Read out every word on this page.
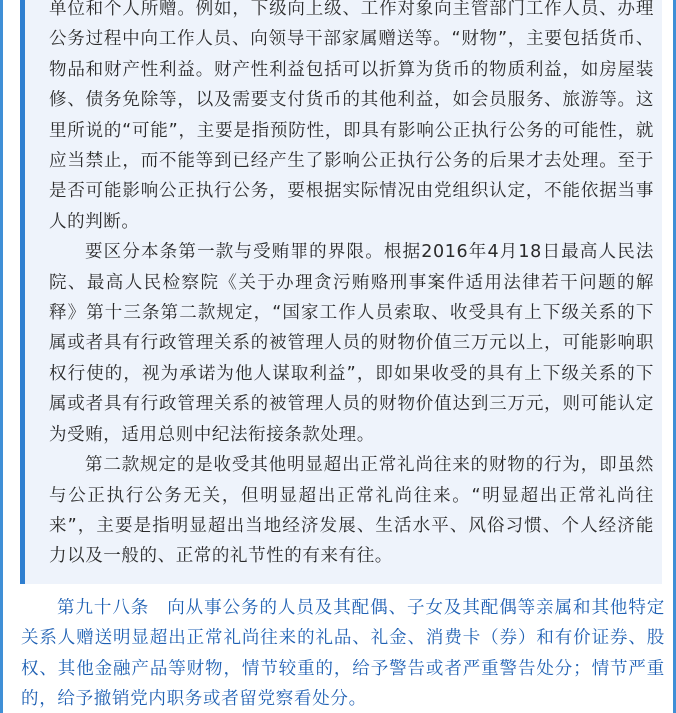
单位和个人所赠。例如，下级向上级、工作对象向主管部门工作人员、办理公务过程中向工作人员、向领导干部家属赠送等。“财物”，主要包括货币、物品和财产性利益。财产性利益包括可以折算为货币的物质利益，如房屋装修、债务免除等，以及需要支付货币的其他利益，如会员服务、旅游等。这里所说的“可能”，主要是指预防性，即具有影响公正执行公务的可能性，就应当禁止，而不能等到已经产生了影响公正执行公务的后果才去处理。至于是否可能影响公正执行公务，要根据实际情况由党组织认定，不能依据当事人的判断。

要区分本条第一款与受贿罪的界限。根据2016年4月18日最高人民法院、最高人民检察院《关于办理贪污贿赂刑事案件适用法律若干问题的解释》第十三条第二款规定，“国家工作人员索取、收受具有上下级关系的下属或者具有行政管理关系的被管理人员的财物价值三万元以上，可能影响职权行使的，视为承诺为他人谋取利益”，即如果收受的具有上下级关系的下属或者具有行政管理关系的被管理人员的财物价值达到三万元，则可能认定为受贿，适用总则中纪法衔接条款处理。

第二款规定的是收受其他明显超出正常礼尚往来的财物的行为，即虽然与公正执行公务无关，但明显超出正常礼尚往来。“明显超出正常礼尚往来”，主要是指明显超出当地经济发展、生活水平、风俗习惯、个人经济能力以及一般的、正常的礼节性的有来有往。

第九十八条 向从事公务的人员及其配偶、子女及其配偶等亲属和其他特定关系人赠送明显超出正常礼尚往来的礼品、礼金、消费卡（券）和有价证券、股权、其他金融产品等财物，情节较重的，给予警告或者严重警告处分；情节严重的，给予撤销党内职务或者留党察看处分。
